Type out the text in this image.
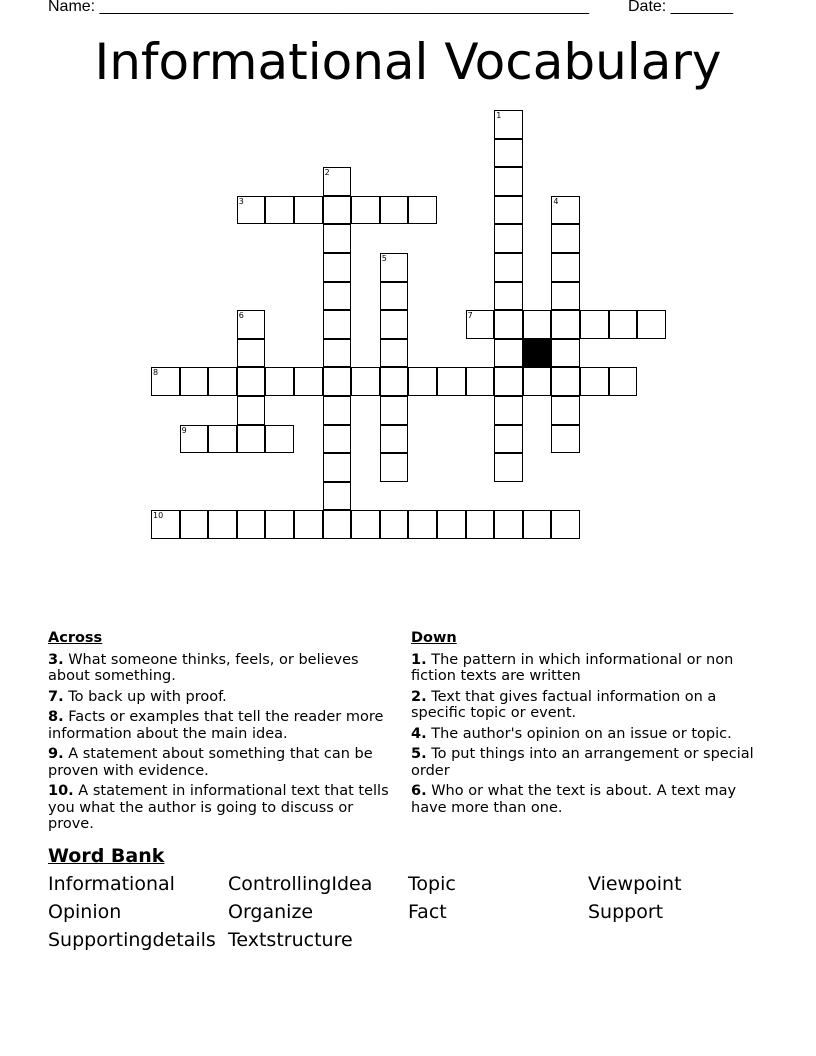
Name: _______________________________________________________ Date: _______
Informational Vocabulary
1
2
3	4
5
6	7
8
9
10
Across
3. What someone thinks, feels, or believes about something.
7. To back up with proof.
8. Facts or examples that tell the reader more information about the main idea.
9. A statement about something that can be proven with evidence.
10. A statement in informational text that tells you what the author is going to discuss or prove.
Down
1. The pattern in which informational or non fiction texts are written
2. Text that gives factual information on a specific topic or event.
4. The author's opinion on an issue or topic.
5. To put things into an arrangement or special order
6. Who or what the text is about. A text may have more than one.
Word Bank
Informational	ControllingIdea	Topic	Viewpoint
Opinion	Organize	Fact	Support
Supportingdetails Textstructure
